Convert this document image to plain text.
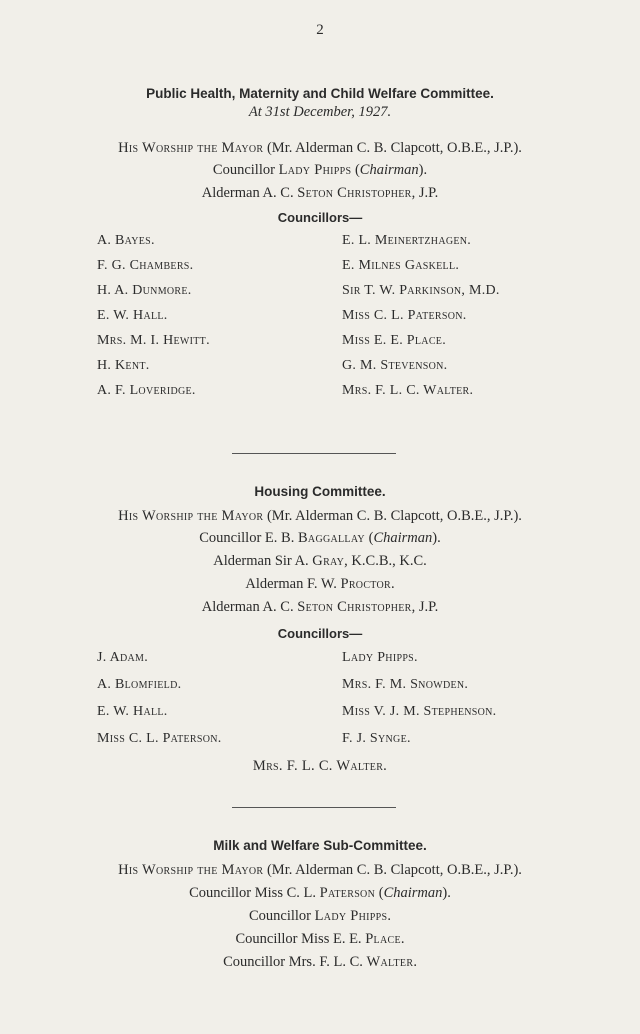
2
Public Health, Maternity and Child Welfare Committee.
At 31st December, 1927.
His Worship the Mayor (Mr. Alderman C. B. Clapcott, O.B.E., J.P.).
Councillor Lady Phipps (Chairman).
Alderman A. C. Seton Christopher, J.P.
Councillors—
A. Bayes.
F. G. Chambers.
H. A. Dunmore.
E. W. Hall.
Mrs. M. I. Hewitt.
H. Kent.
A. F. Loveridge.
E. L. Meinertzhagen.
E. Milnes Gaskell.
Sir T. W. Parkinson, M.D.
Miss C. L. Paterson.
Miss E. E. Place.
G. M. Stevenson.
Mrs. F. L. C. Walter.
Housing Committee.
His Worship the Mayor (Mr. Alderman C. B. Clapcott, O.B.E., J.P.).
Councillor E. B. Baggallay (Chairman).
Alderman Sir A. Gray, K.C.B., K.C.
Alderman F. W. Proctor.
Alderman A. C. Seton Christopher, J.P.
Councillors—
J. Adam.
A. Blomfield.
E. W. Hall.
Miss C. L. Paterson.
Lady Phipps.
Mrs. F. M. Snowden.
Miss V. J. M. Stephenson.
F. J. Synge.
Mrs. F. L. C. Walter.
Milk and Welfare Sub-Committee.
His Worship the Mayor (Mr. Alderman C. B. Clapcott, O.B.E., J.P.).
Councillor Miss C. L. Paterson (Chairman).
Councillor Lady Phipps.
Councillor Miss E. E. Place.
Councillor Mrs. F. L. C. Walter.
